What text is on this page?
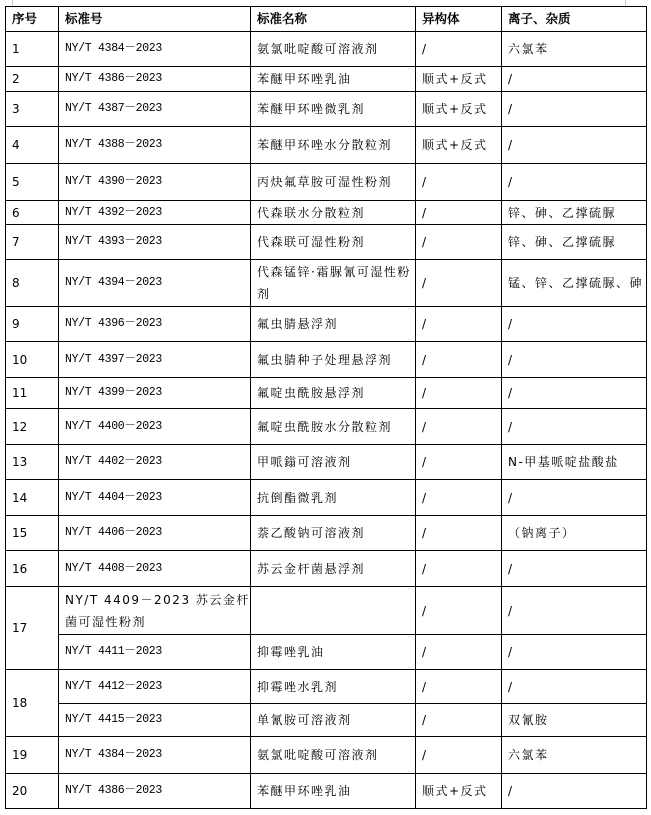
序号	标准号	标准名称	异构体	离子、杂质
1	NY/T 4384－2023	氨氯吡啶酸可溶液剂	/	六氯苯
2	NY/T 4386－2023	苯醚甲环唑乳油	顺式+反式	/
3	NY/T 4387－2023	苯醚甲环唑微乳剂	顺式+反式	/
4	NY/T 4388－2023	苯醚甲环唑水分散粒剂	顺式+反式	/
5	NY/T 4390－2023	丙炔氟草胺可湿性粉剂	/	/
6	NY/T 4392－2023	代森联水分散粒剂	/	锌、砷、乙撑硫脲
7	NY/T 4393－2023	代森联可湿性粉剂	/	锌、砷、乙撑硫脲
8	NY/T 4394－2023	代森锰锌·霜脲氰可湿性粉剂	/	锰、锌、乙撑硫脲、砷
9	NY/T 4396－2023	氟虫腈悬浮剂	/	/
10	NY/T 4397－2023	氟虫腈种子处理悬浮剂	/	/
11	NY/T 4399－2023	氟啶虫酰胺悬浮剂	/	/
12	NY/T 4400－2023	氟啶虫酰胺水分散粒剂	/	/
13	NY/T 4402－2023	甲哌鎓可溶液剂	/	N-甲基哌啶盐酸盐
14	NY/T 4404－2023	抗倒酯微乳剂	/	/
15	NY/T 4406－2023	萘乙酸钠可溶液剂	/	（钠离子）
16	NY/T 4408－2023	苏云金杆菌悬浮剂	/	/
17	NY/T 4409－2023 苏云金杆菌可湿性粉剂		/	/
	NY/T 4411－2023	抑霉唑乳油	/	/
18	NY/T 4412－2023	抑霉唑水乳剂	/	/
	NY/T 4415－2023	单氰胺可溶液剂	/	双氰胺
19	NY/T 4384－2023	氨氯吡啶酸可溶液剂	/	六氯苯
20	NY/T 4386－2023	苯醚甲环唑乳油	顺式+反式	/
